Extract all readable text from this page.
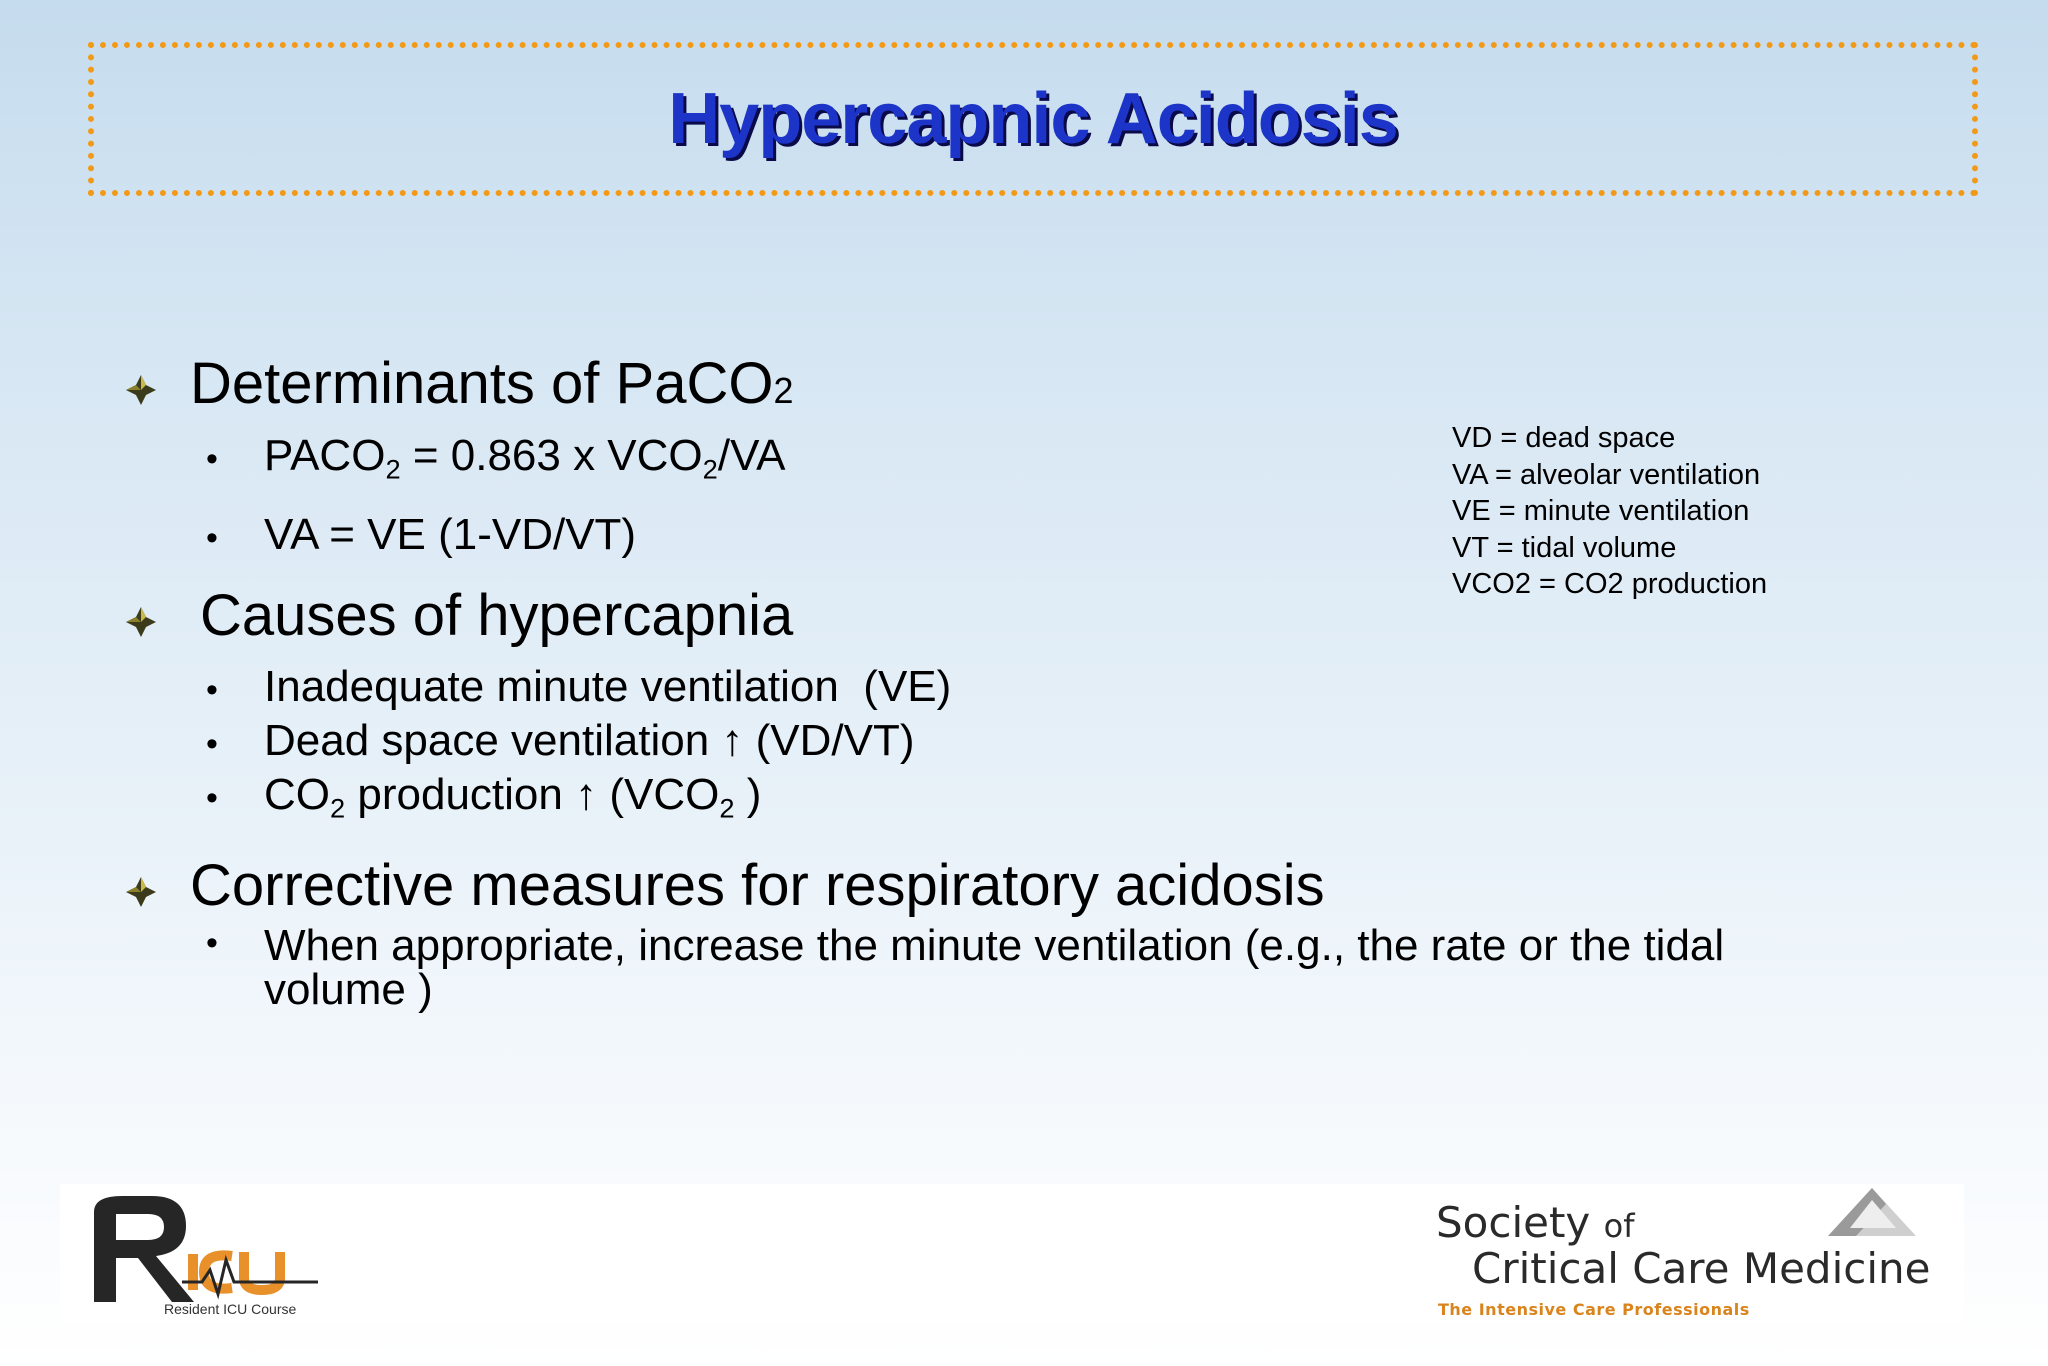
Hypercapnic Acidosis
Determinants of PaCO 2
•	$PACO_2 = 0.863$ x $VCO_2/VA$
•	VA = VE (1-VD/VT)
Causes of hypercapnia
•	Inadequate minute ventilation  (VE)
•	Dead space ventilation ↑ (VD/VT)
•	$CO_2$ production ↑ ($VCO_2$ )
Corrective measures for respiratory acidosis
•	When appropriate, increase the minute ventilation (e.g., the rate or the tidal
volume )
VD = dead space
VA = alveolar ventilation
VE = minute ventilation
VT = tidal volume
VCO2 = CO2 production
Resident ICU Course
Society of
Critical Care Medicine
The Intensive Care Professionals
